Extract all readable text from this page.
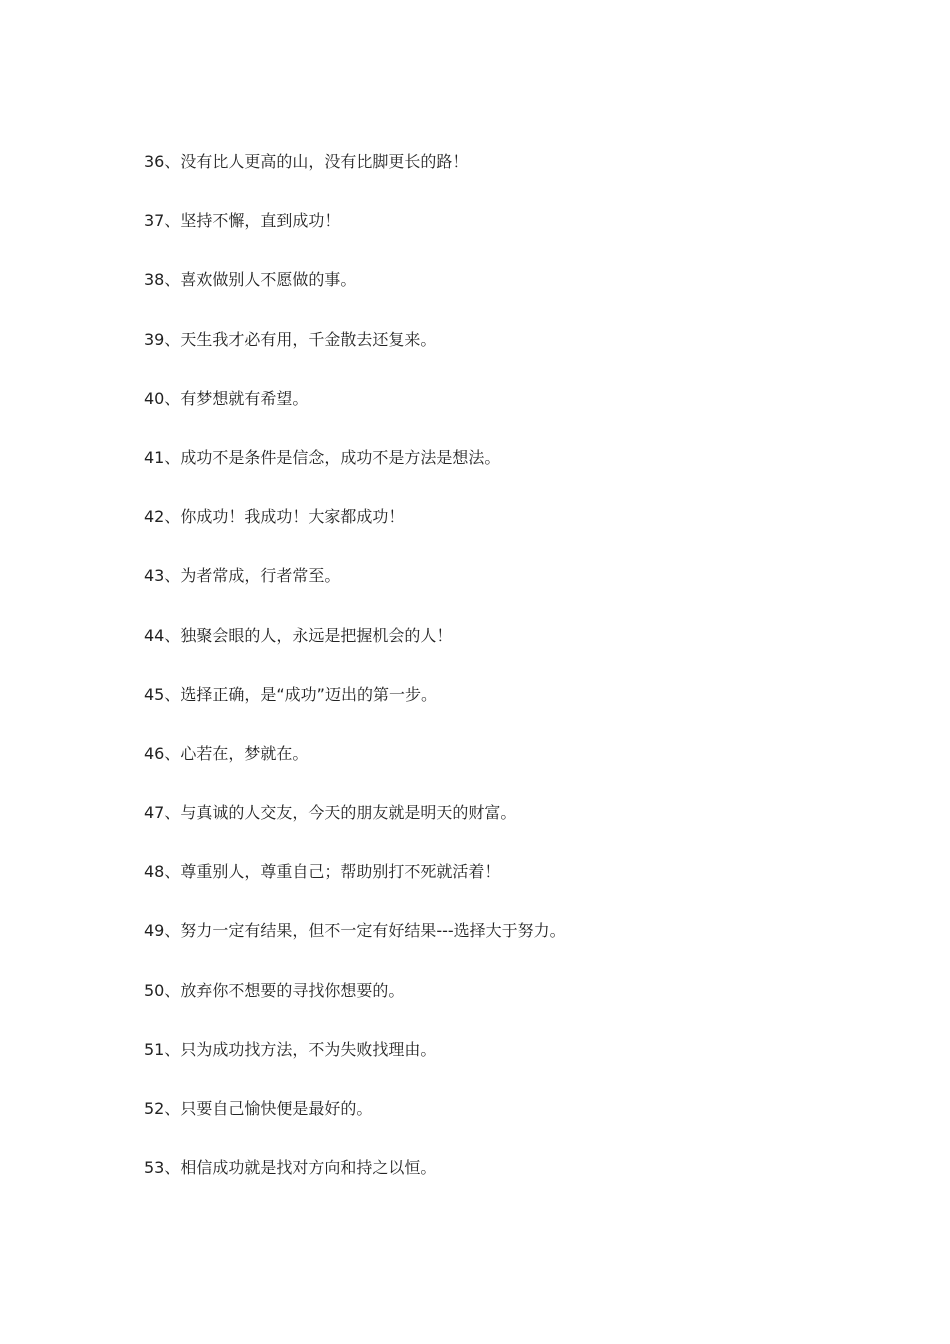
36、没有比人更高的山，没有比脚更长的路！
37、坚持不懈，直到成功！
38、喜欢做别人不愿做的事。
39、天生我才必有用，千金散去还复来。
40、有梦想就有希望。
41、成功不是条件是信念，成功不是方法是想法。
42、你成功！我成功！大家都成功！
43、为者常成，行者常至。
44、独聚会眼的人，永远是把握机会的人！
45、选择正确，是“成功”迈出的第一步。
46、心若在，梦就在。
47、与真诚的人交友，今天的朋友就是明天的财富。
48、尊重别人，尊重自己；帮助别打不死就活着！
49、努力一定有结果，但不一定有好结果---选择大于努力。
50、放弃你不想要的寻找你想要的。
51、只为成功找方法，不为失败找理由。
52、只要自己愉快便是最好的。
53、相信成功就是找对方向和持之以恒。
